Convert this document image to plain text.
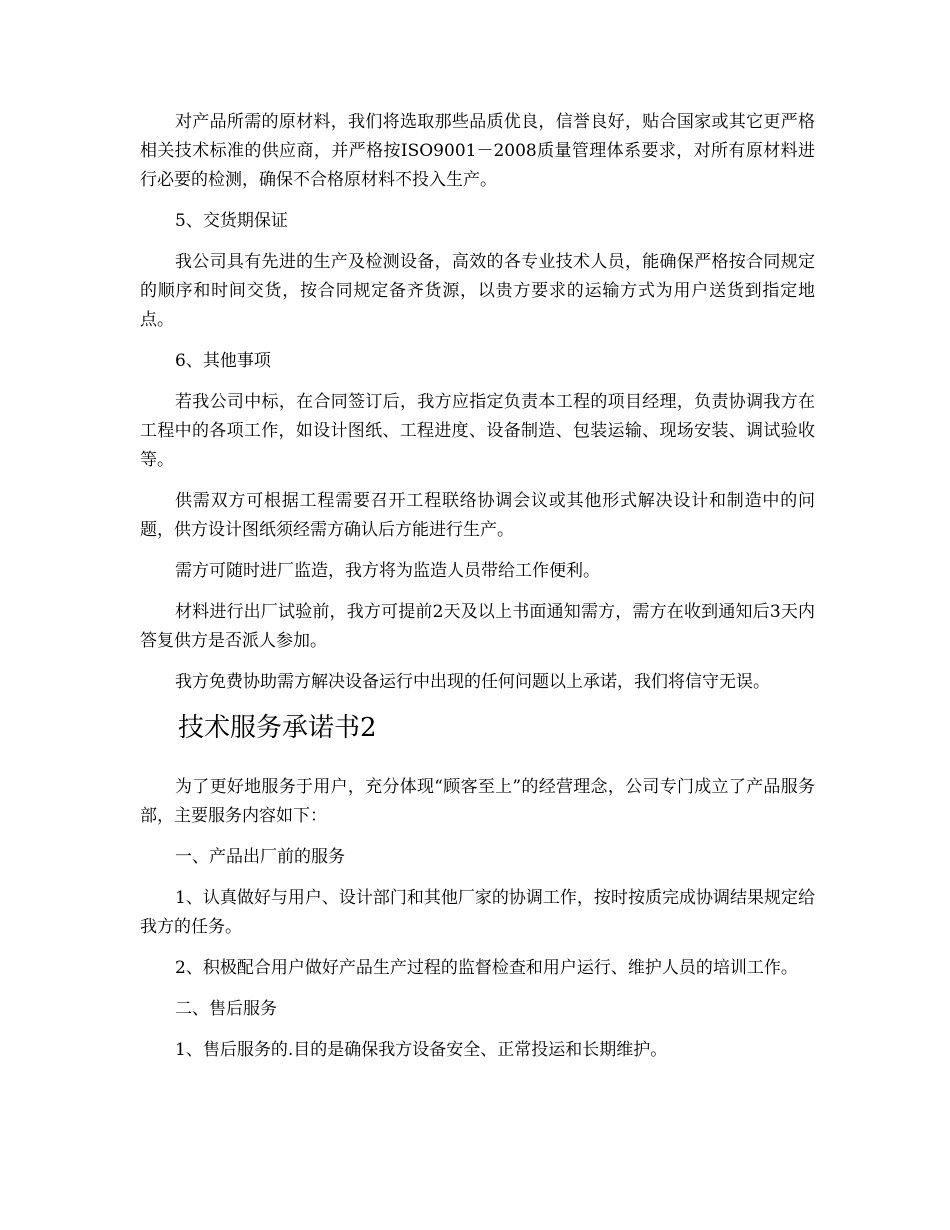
对产品所需的原材料，我们将选取那些品质优良，信誉良好，贴合国家或其它更严格相关技术标准的供应商，并严格按ISO9001－2008质量管理体系要求，对所有原材料进行必要的检测，确保不合格原材料不投入生产。

5、交货期保证

我公司具有先进的生产及检测设备，高效的各专业技术人员，能确保严格按合同规定的顺序和时间交货，按合同规定备齐货源，以贵方要求的运输方式为用户送货到指定地点。

6、其他事项

若我公司中标，在合同签订后，我方应指定负责本工程的项目经理，负责协调我方在工程中的各项工作，如设计图纸、工程进度、设备制造、包装运输、现场安装、调试验收等。

供需双方可根据工程需要召开工程联络协调会议或其他形式解决设计和制造中的问题，供方设计图纸须经需方确认后方能进行生产。

需方可随时进厂监造，我方将为监造人员带给工作便利。

材料进行出厂试验前，我方可提前2天及以上书面通知需方，需方在收到通知后3天内答复供方是否派人参加。

我方免费协助需方解决设备运行中出现的任何问题以上承诺，我们将信守无误。

技术服务承诺书2

为了更好地服务于用户，充分体现“顾客至上”的经营理念，公司专门成立了产品服务部，主要服务内容如下：

一、产品出厂前的服务

1、认真做好与用户、设计部门和其他厂家的协调工作，按时按质完成协调结果规定给我方的任务。

2、积极配合用户做好产品生产过程的监督检查和用户运行、维护人员的培训工作。

二、售后服务

1、售后服务的.目的是确保我方设备安全、正常投运和长期维护。
